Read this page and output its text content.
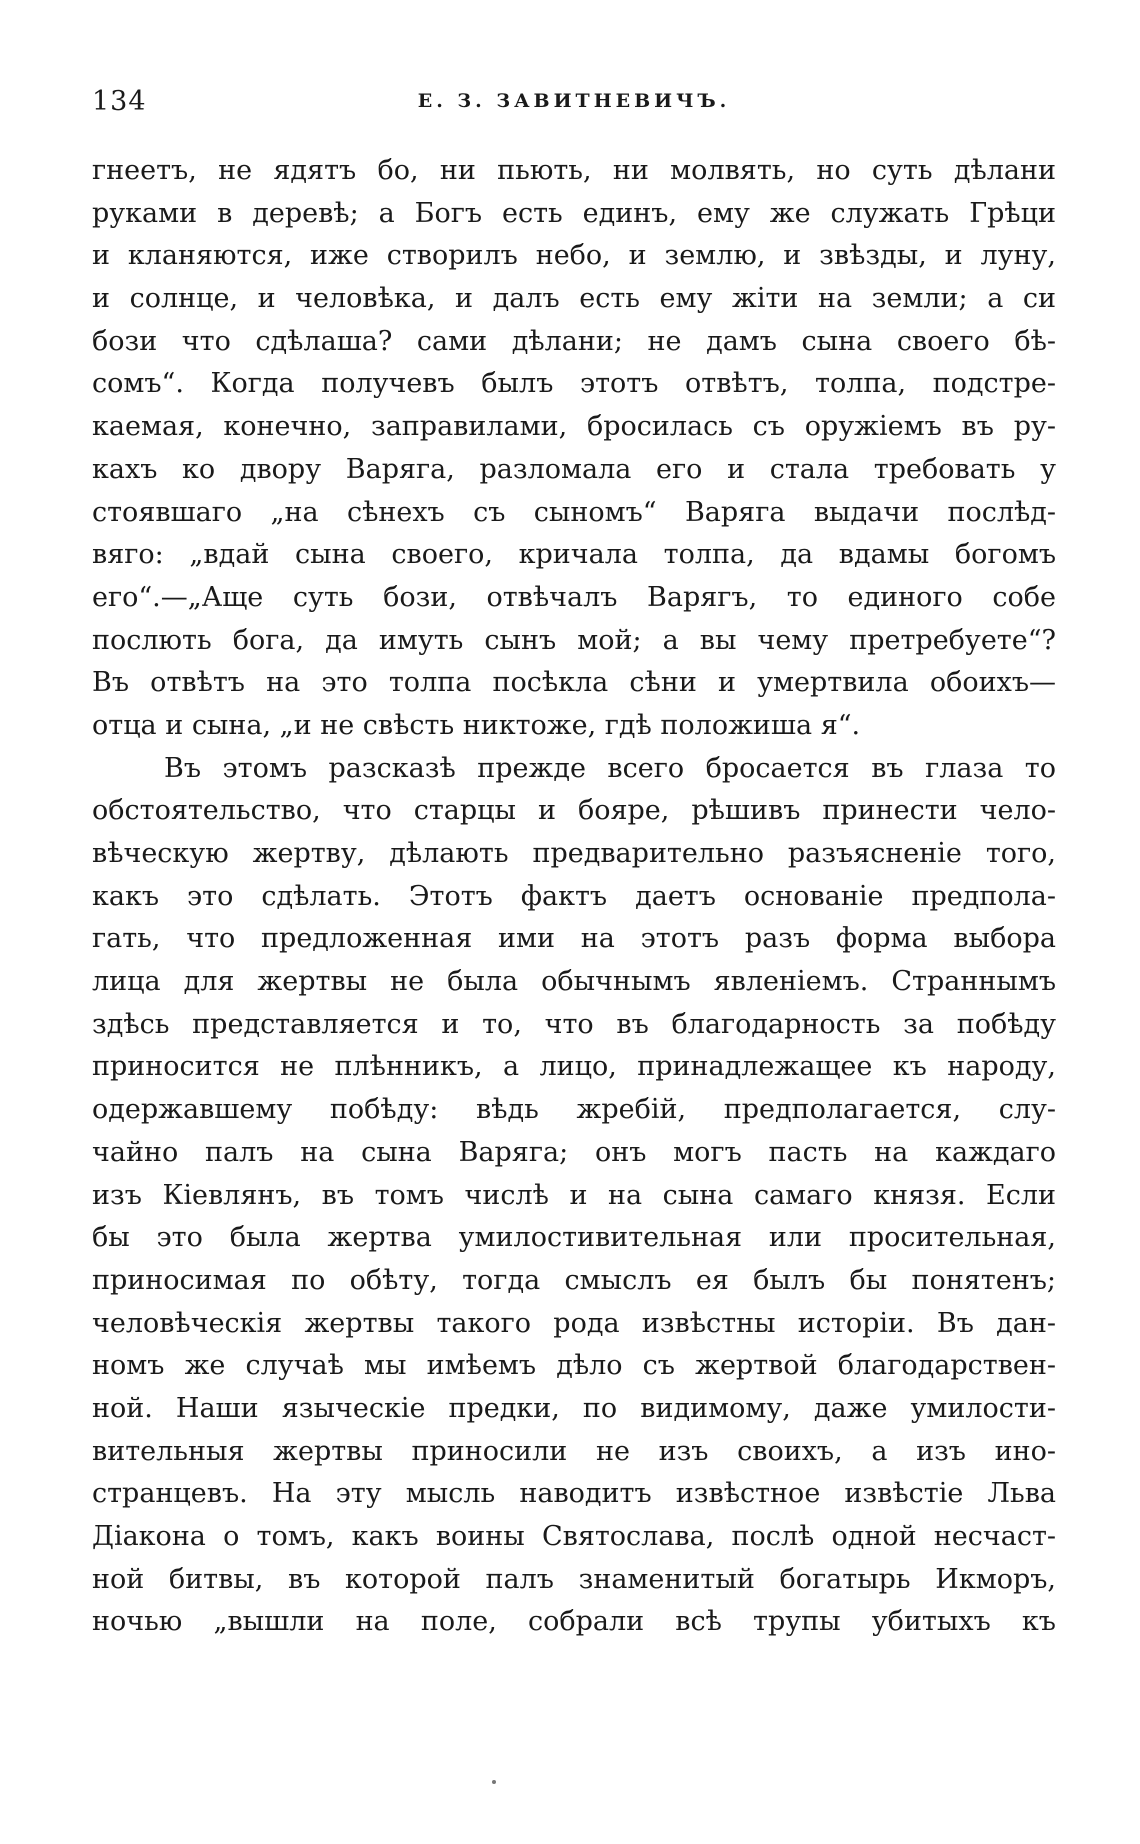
134	Е. З. ЗАВИТНЕВИЧЪ.
гнеетъ, не ядятъ бо, ни пьють, ни молвять, но суть дѣлани
руками в деревѣ; а Богъ есть единъ, ему же служать Грѣци
и кланяются, иже створилъ небо, и землю, и звѣзды, и луну,
и солнце, и человѣка, и далъ есть ему жiти на земли; а си
бози что сдѣлаша? сами дѣлани; не дамъ сына своего бѣ-
сомъ“. Когда получевъ былъ этотъ отвѣтъ, толпа, подстре-
каемая, конечно, заправилами, бросилась съ оружiемъ въ ру-
кахъ ко двору Варяга, разломала его и стала требовать у
стоявшаго „на сѣнехъ съ сыномъ“ Варяга выдачи послѣд-
вяго: „вдай сына своего, кричала толпа, да вдамы богомъ
его“.—„Аще суть бози, отвѣчалъ Варягъ, то единого собе
послють бога, да имуть сынъ мой; а вы чему претребуете“?
Въ отвѣтъ на это толпа посѣкла сѣни и умертвила обоихъ—
отца и сына, „и не свѣсть никтоже, гдѣ положиша я“.
Въ этомъ разсказѣ прежде всего бросается въ глаза то
обстоятельство, что старцы и бояре, рѣшивъ принести чело-
вѣческую жертву, дѣлають предварительно разъясненiе того,
какъ это сдѣлать. Этотъ фактъ даетъ основанiе предпола-
гать, что предложенная ими на этотъ разъ форма выбора
лица для жертвы не была обычнымъ явленiемъ. Страннымъ
здѣсь представляется и то, что въ благодарность за побѣду
приносится не плѣнникъ, а лицо, принадлежащее къ народу,
одержавшему побѣду: вѣдь жребiй, предполагается, слу-
чайно палъ на сына Варяга; онъ могъ пасть на каждаго
изъ Кiевлянъ, въ томъ числѣ и на сына самаго князя. Если
бы это была жертва умилостивительная или просительная,
приносимая по обѣту, тогда смыслъ ея былъ бы понятенъ;
человѣческiя жертвы такого рода извѣстны исторiи. Въ дан-
номъ же случаѣ мы имѣемъ дѣло съ жертвой благодарствен-
ной. Наши языческiе предки, по видимому, даже умилости-
вительныя жертвы приносили не изъ своихъ, а изъ ино-
странцевъ. На эту мысль наводитъ извѣстное извѣстiе Льва
Дiакона о томъ, какъ воины Святослава, послѣ одной несчаст-
ной битвы, въ которой палъ знаменитый богатырь Икморъ,
ночью „вышли на поле, собрали всѣ трупы убитыхъ къ
